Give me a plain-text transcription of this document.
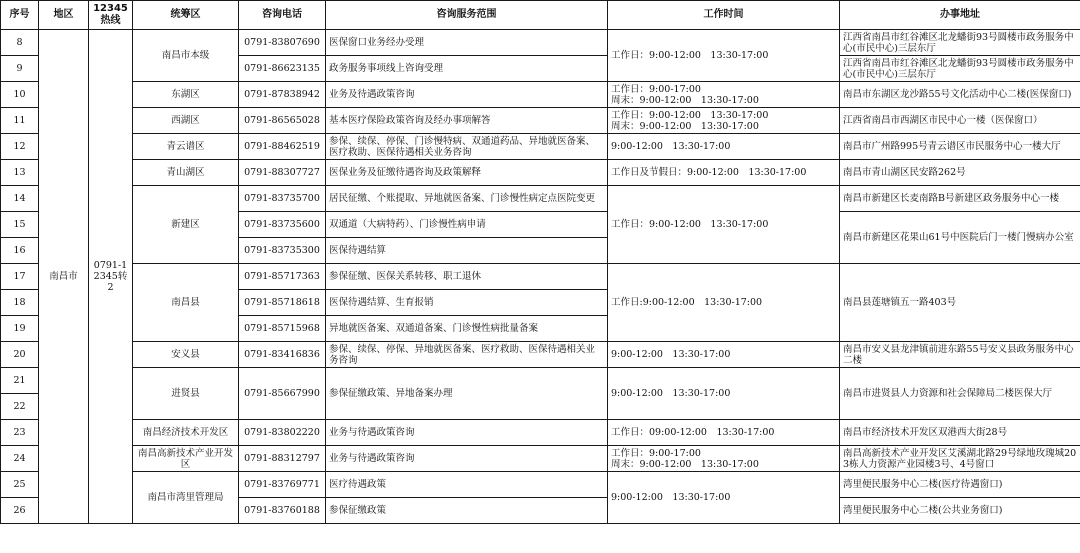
序号	地区	12345热线	统筹区	咨询电话	咨询服务范围	工作时间	办事地址
8	南昌市	0791-12345转2	南昌市本级	0791-83807690	医保窗口业务经办受理	工作日：9:00-12:00　13:30-17:00	江西省南昌市红谷滩区北龙蟠街93号圆楼市政务服务中心(市民中心)三层东厅
9				0791-86623135	政务服务事项线上咨询受理		江西省南昌市红谷滩区北龙蟠街93号圆楼市政务服务中心(市民中心)三层东厅
10			东湖区	0791-87838942	业务及待遇政策咨询	工作日：9:00-17:00
周末：9:00-12:00　13:30-17:00	南昌市东湖区龙沙路55号文化活动中心二楼(医保窗口)
11			西湖区	0791-86565028	基本医疗保险政策咨询及经办事项解答	工作日：9:00-12:00　13:30-17:00
周末：9:00-12:00　13:30-17:00	江西省南昌市西湖区市民中心一楼（医保窗口）
12			青云谱区	0791-88462519	参保、续保、停保、门诊慢特病、双通道药品、异地就医备案、医疗救助、医保待遇相关业务咨询	9:00-12:00　13:30-17:00	南昌市广州路995号青云谱区市民服务中心一楼大厅
13			青山湖区	0791-88307727	医保业务及征缴待遇咨询及政策解释	工作日及节假日：9:00-12:00　13:30-17:00	南昌市青山湖区民安路262号
14			新建区	0791-83735700	居民征缴、个账提取、异地就医备案、门诊慢性病定点医院变更	工作日：9:00-12:00　13:30-17:00	南昌市新建区长麦南路B号新建区政务服务中心一楼
15				0791-83735600	双通道（大病特药）、门诊慢性病申请		南昌市新建区花果山61号中医院后门一楼门慢病办公室
16				0791-83735300	医保待遇结算		
17			南昌县	0791-85717363	参保征缴、医保关系转移、职工退休	工作日:9:00-12:00　13:30-17:00	南昌县莲塘镇五一路403号
18				0791-85718618	医保待遇结算、生育报销		
19				0791-85715968	异地就医备案、双通道备案、门诊慢性病批量备案		
20			安义县	0791-83416836	参保、续保、停保、异地就医备案、医疗救助、医保待遇相关业务咨询	9:00-12:00　13:30-17:00	南昌市安义县龙津镇前进东路55号安义县政务服务中心二楼
21			进贤县	0791-85667990	参保征缴政策、异地备案办理	9:00-12:00　13:30-17:00	南昌市进贤县人力资源和社会保障局二楼医保大厅
22							
23			南昌经济技术开发区	0791-83802220	业务与待遇政策咨询	工作日：09:00-12:00　13:30-17:00	南昌市经济技术开发区双港西大街28号
24			南昌高新技术产业开发区	0791-88312797	业务与待遇政策咨询	工作日：9:00-17:00
周末：9:00-12:00　13:30-17:00	南昌高新技术产业开发区艾溪湖北路29号绿地玫瑰城203栋人力资源产业园楼3号、4号窗口
25			南昌市湾里管理局	0791-83769771	医疗待遇政策	9:00-12:00　13:30-17:00	湾里便民服务中心二楼(医疗待遇窗口)
26				0791-83760188	参保征缴政策		湾里便民服务中心二楼(公共业务窗口)
